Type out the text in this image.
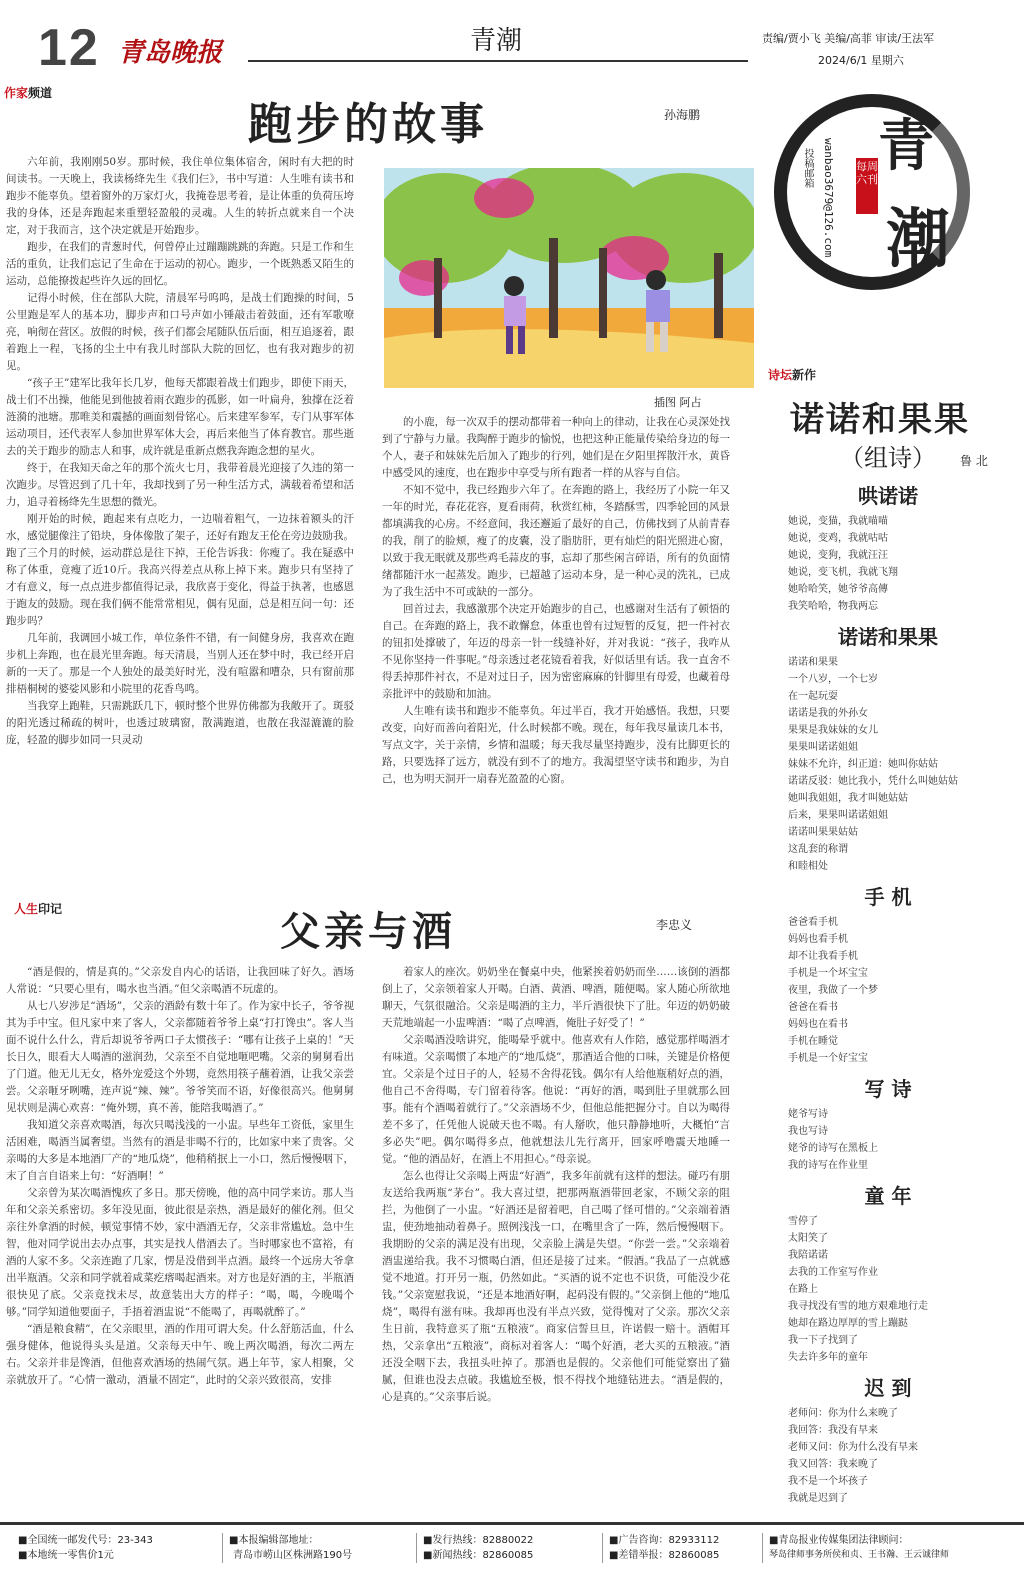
12 青岛晚报	青潮	责编/贾小飞 美编/高菲 审读/王法军
2024/6/1 星期六
投稿邮箱 wanbao3679@126.com 青
每周六刊
潮
作家频道
跑步的故事	孙海鹏

六年前，我刚刚50岁。那时候，我住单位集体宿舍，闲时有大把的时间读书。一天晚上，我读杨绛先生《我们仨》，书中写道：人生唯有读书和跑步不能辜负。望着窗外的万家灯火，我掩卷思考着，是让体重的负荷压垮我的身体，还是奔跑起来重塑轻盈般的灵魂。人生的转折点就来自一个决定，对于我而言，这个决定就是开始跑步。

跑步，在我们的青葱时代，何曾停止过蹦蹦跳跳的奔跑。只是工作和生活的重负，让我们忘记了生命在于运动的初心。跑步，一个既熟悉又陌生的运动，总能撩拨起些许久远的回忆。

记得小时候，住在部队大院，清晨军号呜呜，是战士们跑操的时间，5公里跑是军人的基本功，脚步声和口号声如小锤敲击着鼓面，还有军歌嘹亮，响彻在营区。放假的时候，孩子们都会尾随队伍后面，相互追逐着，跟着跑上一程，飞扬的尘土中有我儿时部队大院的回忆，也有我对跑步的初见。

“孩子王”建军比我年长几岁，他每天都跟着战士们跑步，即使下雨天，战士们不出操，他能见到他披着雨衣跑步的孤影，如一叶扁舟，独撑在泛着涟漪的池塘。那唯美和震撼的画面刻骨铭心。后来建军参军，专门从事军体运动项目，还代表军人参加世界军体大会，再后来他当了体育教官。那些逝去的关于跑步的励志人和事，成许就是重新点燃我奔跑念想的星火。

终于，在我知天命之年的那个流火七月，我带着晨光迎接了久违的第一次跑步。尽管迟到了几十年，我却找到了另一种生活方式，满载着希望和活力，追寻着杨绛先生思想的微光。

刚开始的时候，跑起来有点吃力，一边喘着粗气，一边抹着额头的汗水，感觉腿像注了铅块，身体像散了架子，还好有跑友王伦在旁边鼓励我。跑了三个月的时候，运动群总是往下掉，王伦告诉我：你瘦了。我在疑惑中称了体重，竟瘦了近10斤。我高兴得差点从称上掉下来。跑步只有坚持了才有意义，每一点点进步都值得记录，我欣喜于变化，得益于执著，也感恩于跑友的鼓励。现在我们俩不能常常相见，偶有见面，总是相互问一句：还跑步吗？

几年前，我调回小城工作，单位条件不错，有一间健身房，我喜欢在跑步机上奔跑，也在晨光里奔跑。每天清晨，当别人还在梦中时，我已经开启新的一天了。那是一个人独处的最美好时光，没有喧嚣和嘈杂，只有窗前那排梧桐树的婆娑风影和小院里的花香鸟鸣。

当我穿上跑鞋，只需跳跃几下，顿时整个世界仿佛都为我敞开了。斑驳的阳光透过稀疏的树叶，也透过玻璃窗，散满跑道，也散在我湿漉漉的脸庞，轻盈的脚步如同一只灵动

插图 阿占

的小鹿，每一次双手的摆动都带着一种向上的律动，让我在心灵深处找到了宁静与力量。我陶醉于跑步的愉悦，也把这种正能量传染给身边的每一个人，妻子和妹妹先后加入了跑步的行列，她们是在夕阳里挥散汗水，黄昏中感受风的速度，也在跑步中享受与所有跑者一样的从容与自信。

不知不觉中，我已经跑步六年了。在奔跑的路上，我经历了小院一年又一年的时光，春花花容，夏看雨荷，秋赏红柿，冬踏酥雪，四季轮回的风景都填满我的心房。不经意间，我还邂逅了最好的自己，仿佛找到了从前青春的我，削了的脸颊，瘦了的皮囊，没了脂肪肝，更有灿烂的阳光照进心窗，以致于我无眠就及那些鸡毛蒜皮的事，忘却了那些闲言碎语，所有的负面情绪都随汗水一起蒸发。跑步，已超越了运动本身，是一种心灵的洗礼，已成为了我生活中不可或缺的一部分。

回首过去，我感激那个决定开始跑步的自己，也感谢对生活有了顿悟的自己。在奔跑的路上，我不敢懈怠，体重也曾有过短暂的反复，把一件衬衣的钮扣处撑破了，年迈的母亲一针一线缝补好，并对我说：“孩子，我咋从不见你坚持一件事呢。”母亲透过老花镜看着我，好似话里有话。我一直舍不得丢掉那件衬衣，不是对过日子，因为密密麻麻的针脚里有母爱，也藏着母亲批评中的鼓励和加油。

人生唯有读书和跑步不能辜负。年过半百，我才开始感悟。我想，只要改变，向好而善向着阳光，什么时候都不晚。现在，每年我尽量读几本书，写点文字，关于亲情，乡情和温暖；每天我尽量坚持跑步，没有比脚更长的路，只要选择了远方，就没有到不了的地方。我渴望坚守读书和跑步，为自己，也为明天洞开一扇春光盈盈的心窗。

人生印记	父亲与酒	李忠义

“酒是假的，情是真的。”父亲发自内心的话语，让我回味了好久。酒场人常说：“只要心里有，喝水也当酒。”但父亲喝酒不玩虚的。

从七八岁涉足“酒场”，父亲的酒龄有数十年了。作为家中长子，爷爷视其为手中宝。但凡家中来了客人，父亲都随着爷爷上桌“打打馋虫”。客人当面不说什么什么，背后却说爷爷两口子太惯孩子：“哪有让孩子上桌的！”天长日久，眼看大人喝酒的滋润劲，父亲至不自觉地咂吧嘴。父亲的舅舅看出了门道。他无儿无女，格外宠爱这个外甥，竟然用筷子蘸着酒，让我父亲尝尝。父亲咂牙咧嘴，连声说“辣、辣”。爷爷笑而不语，好像很高兴。他舅舅见状则是满心欢喜：“俺外甥，真不善，能陪我喝酒了。”

我知道父亲喜欢喝酒，每次只喝浅浅的一小盅。早些年工资低，家里生活困难，喝酒当属奢望。当然有的酒是非喝不行的，比如家中来了贵客。父亲喝的大多是本地酒厂产的“地瓜烧”，他稍稍抿上一小口，然后慢慢咽下，末了自言自语来上句：“好酒啊！”

父亲曾为某次喝酒愧疚了多日。那天傍晚，他的高中同学来访。那人当年和父亲关系密切。多年没见面，彼此很是亲热，酒是最好的催化剂。但父亲往外拿酒的时候，顿觉事情不妙，家中酒酒无存，父亲非常尴尬。急中生智，他对同学说出去办点事，其实是找人借酒去了。当时哪家也不富裕，有酒的人家不多。父亲连跑了几家，愣是没借到半点酒。最终一个远房大爷拿出半瓶酒。父亲和同学就着咸菜疙瘩喝起酒来。对方也是好酒的主，半瓶酒很快见了底。父亲竟找未尽，故意装出大方的样子：“喝，喝，今晚喝个够。”同学知道他要面子，手捂着酒盅说“不能喝了，再喝就醉了。”

“酒是粮食精”，在父亲眼里，酒的作用可谓大矣。什么舒筋活血，什么强身健体，他说得头头是道。父亲每天中午、晚上两次喝酒，每次二两左右。父亲并非是馋酒，但他喜欢酒场的热闹气氛。遇上年节，家人相聚，父亲就放开了。“心情一激动，酒量不固定”，此时的父亲兴致很高，安排

着家人的座次。奶奶坐在餐桌中央，他紧挨着奶奶而坐……该倒的酒都倒上了，父亲领着家人开喝。白酒、黄酒、啤酒，随便喝。家人随心所欲地聊天，气氛很融洽。父亲是喝酒的主力，半斤酒很快下了肚。年迈的奶奶破天荒地端起一小盅啤酒：“喝了点啤酒，俺肚子好受了！”

父亲喝酒没啥讲究，能喝晕乎就中。他喜欢有人作陪，感觉那样喝酒才有味道。父亲喝惯了本地产的“地瓜烧”，那酒适合他的口味，关键是价格便宜。父亲是个过日子的人，轻易不舍得花钱。偶尔有人给他瓶稍好点的酒，他自己不舍得喝，专门留着待客。他说：“再好的酒，喝到肚子里就那么回事。能有个酒喝着就行了。”父亲酒场不少，但他总能把握分寸。自以为喝得差不多了，任凭他人说破天也不喝。有人掰吹，他只静静地听，大概怕“言多必失”吧。偶尔喝得多点，他就想法儿先行离开，回家呼噜震天地睡一觉。“他的酒品好，在酒上不用担心。”母亲说。

怎么也得让父亲喝上两盅“好酒”，我多年前就有这样的想法。碰巧有朋友送给我两瓶“茅台”。我大喜过望，把那两瓶酒带回老家，不顾父亲的阻拦，为他倒了一小盅。“好酒还是留着吧，自己喝了怪可惜的。”父亲端着酒盅，使劲地抽动着鼻子。照例浅浅一口，在嘴里含了一阵，然后慢慢咽下。我期盼的父亲的满足没有出现，父亲脸上满是失望。“你尝一尝。”父亲端着酒盅递给我。我不习惯喝白酒，但还是接了过来。“假酒。”我品了一点就感觉不地道。打开另一瓶，仍然如此。“买酒的说不定也不识货，可能没少花钱。”父亲宽慰我说，“还是本地酒好啊，起码没有假的。”父亲倒上他的“地瓜烧”，喝得有滋有味。我却再也没有半点兴致，觉得愧对了父亲。那次父亲生日前，我特意买了瓶“五粮液”。商家信誓旦旦，许诺假一赔十。酒帽耳热，父亲拿出“五粮液”，商标对着客人：“喝个好酒，老大买的五粮液。”酒还没全咽下去，我扭头吐掉了。那酒也是假的。父亲他们可能觉察出了猫腻，但谁也没去点破。我尴尬至极，恨不得找个地缝钻进去。“酒是假的，心是真的。”父亲事后说。

诗坛新作
诺诺和果果
（组诗） 鲁 北
哄诺诺
她说，变猫，我就喵喵
她说，变鸡，我就咕咕
她说，变狗，我就汪汪
她说，变飞机，我就飞翔
她哈哈笑，她爷爷高傳
我笑哈哈，物我两忘
诺诺和果果
诺诺和果果
一个八岁，一个七岁
在一起玩耍
诺诺是我的外孙女
果果是我妹妹的女儿
果果叫诺诺姐姐
妹妹不允许，纠正道：她叫你姑姑
诺诺反驳：她比我小，凭什么叫她姑姑
她叫我姐姐，我才叫她姑姑
后来，果果叫诺诺姐姐
诺诺叫果果姑姑
这乱套的称谓
和睦相处
手 机
爸爸看手机
妈妈也看手机
却不让我看手机
手机是一个坏宝宝
夜里，我做了一个梦
爸爸在看书
妈妈也在看书
手机在睡觉
手机是一个好宝宝
写 诗
姥爷写诗
我也写诗
姥爷的诗写在黑板上
我的诗写在作业里
童 年
雪停了
太阳笑了
我陪诺诺
去我的工作室写作业
在路上
我寻找没有雪的地方艰难地行走
她却在路边厚厚的雪上蹦跶
我一下子找到了
失去许多年的童年
迟 到
老师问：你为什么来晚了
我回答：我没有早来
老师又问：你为什么没有早来
我又回答：我来晚了
我不是一个坏孩子
我就是迟到了
■全国统一邮发代号：23-343
■本地统一零售价1元
■本报编辑部地址：
青岛市崂山区株洲路190号
■发行热线：82880022
■新闻热线：82860085
■广告咨询：82933112
■差错举报：82860085
■青岛报业传媒集团法律顾问：
琴岛律师事务所侯和贞、王书瀚、王云诚律师
